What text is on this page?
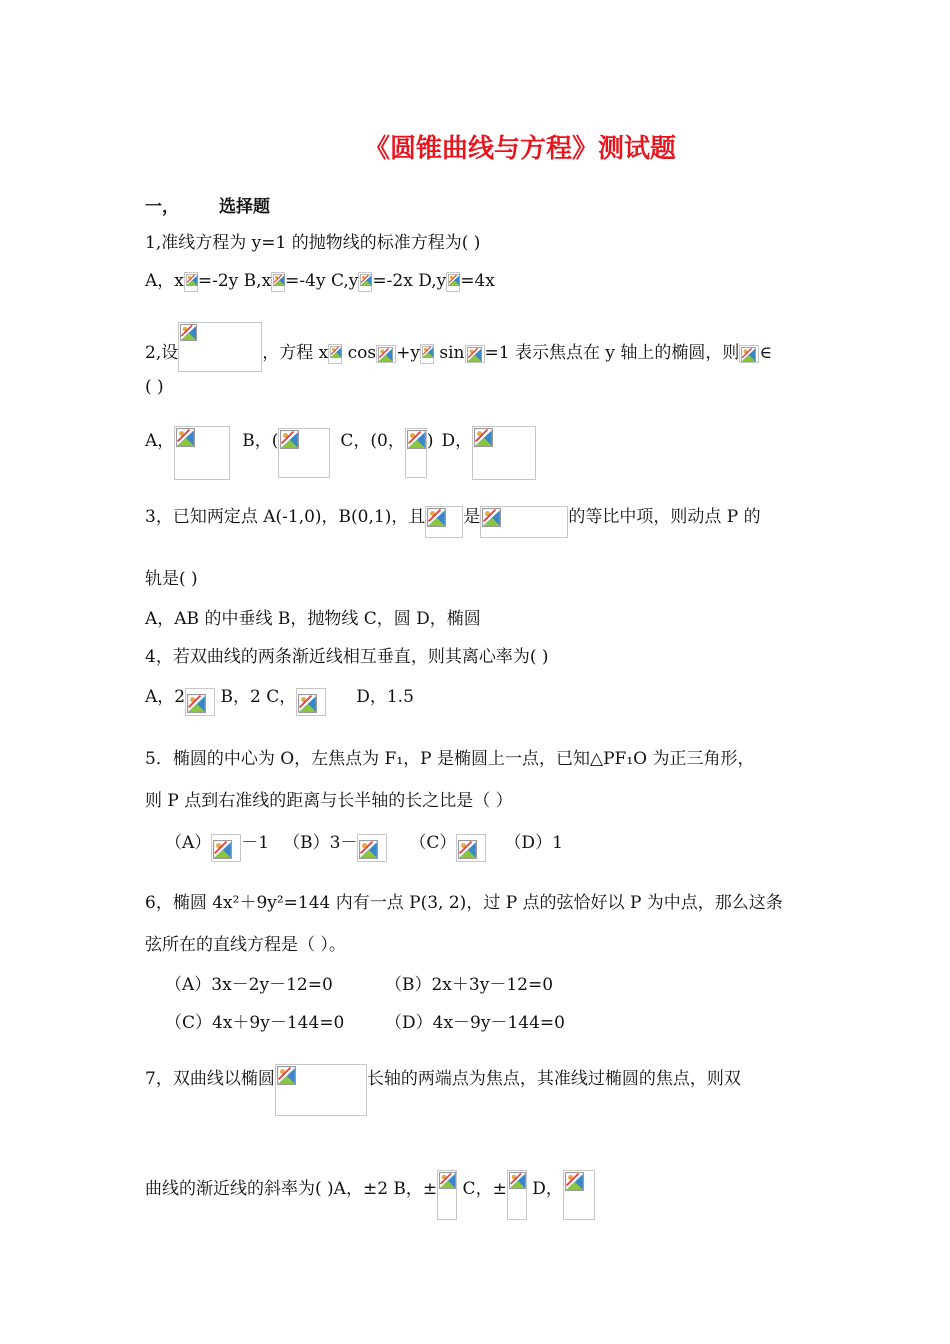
《圆锥曲线与方程》测试题
一， 选择题
1,准线方程为 y=1 的抛物线的标准方程为( )
A，x =-2y B,x =-4y C,y =-2x D,y =4x
2,设	，方程 x
cos +y
sin =1 表示焦点在 y 轴上的椭圆，则 ∈
( )
A，	B，(	C，(0， ) D，
3，已知两定点 A(-1,0)，B(0,1)，且 是	的等比中项，则动点 P 的
轨是( )
A，AB 的中垂线 B，抛物线 C，圆 D，椭圆
4，若双曲线的两条渐近线相互垂直，则其离心率为( )
A，2
B，2 C，	D，1.5
5．椭圆的中心为 O，左焦点为 F₁，P 是椭圆上一点，已知△PF₁O 为正三角形，
则 P 点到右准线的距离与长半轴的长之比是（ ）
（A） －1 （B）3－	（C）	（D）1
6，椭圆 4x²＋9y²=144 内有一点 P(3, 2)，过 P 点的弦恰好以 P 为中点，那么这条
弦所在的直线方程是（ ）。
（A）3x－2y－12=0	（B）2x＋3y－12=0
（C）4x＋9y－144=0 （D）4x－9y－144=0
7，双曲线以椭圆	长轴的两端点为焦点，其准线过椭圆的焦点，则双
曲线的渐近线的斜率为( )A，±2 B，±
C，±
D，
